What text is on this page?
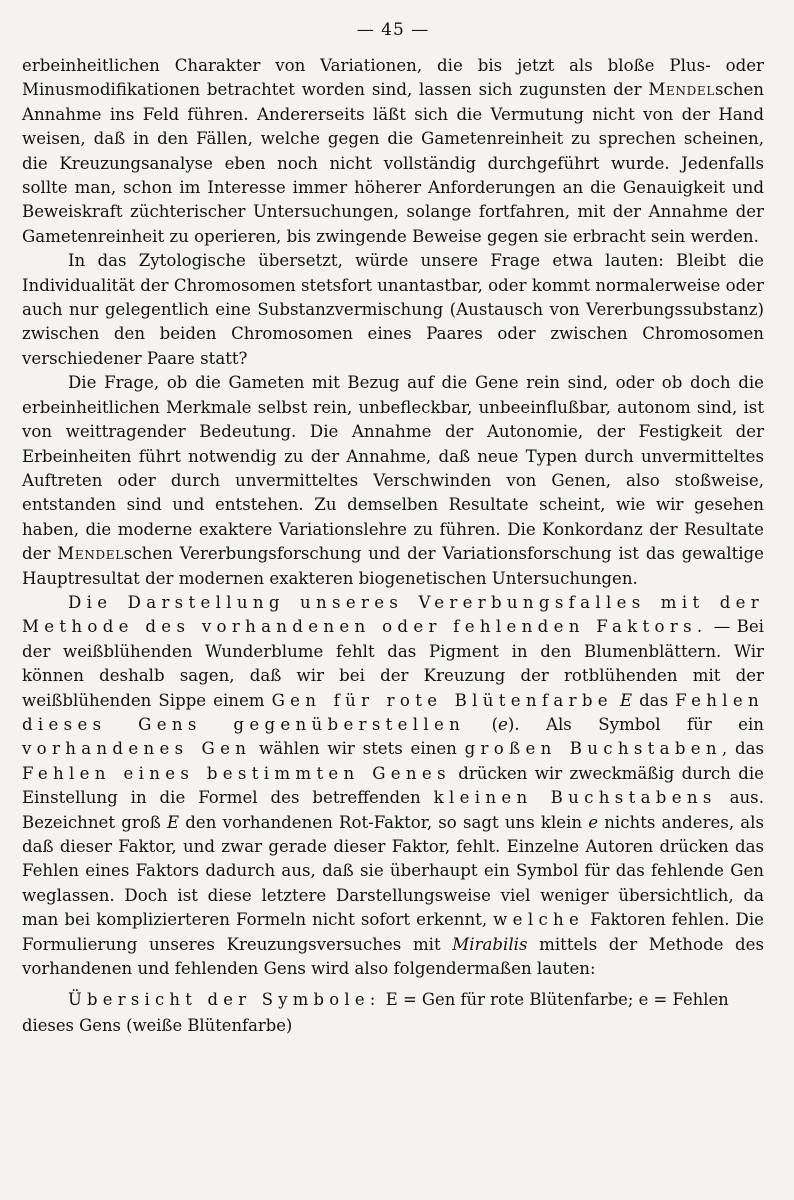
— 45 —

erbeinheitlichen Charakter von Variationen, die bis jetzt als bloße Plus- oder Minusmodifikationen betrachtet worden sind, lassen sich zugunsten der Mendelschen Annahme ins Feld führen. Andererseits läßt sich die Vermutung nicht von der Hand weisen, daß in den Fällen, welche gegen die Gametenreinheit zu sprechen scheinen, die Kreuzungsanalyse eben noch nicht vollständig durchgeführt wurde. Jedenfalls sollte man, schon im Interesse immer höherer Anforderungen an die Genauigkeit und Beweiskraft züchterischer Untersuchungen, solange fortfahren, mit der Annahme der Gametenreinheit zu operieren, bis zwingende Beweise gegen sie erbracht sein werden.

In das Zytologische übersetzt, würde unsere Frage etwa lauten: Bleibt die Individualität der Chromosomen stetsfort unantastbar, oder kommt normalerweise oder auch nur gelegentlich eine Substanzvermischung (Austausch von Vererbungssubstanz) zwischen den beiden Chromosomen eines Paares oder zwischen Chromosomen verschiedener Paare statt?

Die Frage, ob die Gameten mit Bezug auf die Gene rein sind, oder ob doch die erbeinheitlichen Merkmale selbst rein, unbefleckbar, unbeeinflußbar, autonom sind, ist von weittragender Bedeutung. Die Annahme der Autonomie, der Festigkeit der Erbeinheiten führt notwendig zu der Annahme, daß neue Typen durch unvermitteltes Auftreten oder durch unvermitteltes Verschwinden von Genen, also stoßweise, entstanden sind und entstehen. Zu demselben Resultate scheint, wie wir gesehen haben, die moderne exaktere Variationslehre zu führen. Die Konkordanz der Resultate der Mendelschen Vererbungsforschung und der Variationsforschung ist das gewaltige Hauptresultat der modernen exakteren biogenetischen Untersuchungen.

Die Darstellung unseres Vererbungsfalles mit der Methode des vorhandenen oder fehlenden Faktors. — Bei der weißblühenden Wunderblume fehlt das Pigment in den Blumenblättern. Wir können deshalb sagen, daß wir bei der Kreuzung der rotblühenden mit der weißblühenden Sippe einem Gen für rote Blütenfarbe E das Fehlen dieses Gens gegenüberstellen (e). Als Symbol für ein vorhandenes Gen wählen wir stets einen großen Buchstaben, das Fehlen eines bestimmten Genes drücken wir zweckmäßig durch die Einstellung in die Formel des betreffenden kleinen Buchstabens aus. Bezeichnet groß E den vorhandenen Rot-Faktor, so sagt uns klein e nichts anderes, als daß dieser Faktor, und zwar gerade dieser Faktor, fehlt. Einzelne Autoren drücken das Fehlen eines Faktors dadurch aus, daß sie überhaupt ein Symbol für das fehlende Gen weglassen. Doch ist diese letztere Darstellungsweise viel weniger übersichtlich, da man bei komplizierteren Formeln nicht sofort erkennt, welche Faktoren fehlen. Die Formulierung unseres Kreuzungsversuches mit Mirabilis mittels der Methode des vorhandenen und fehlenden Gens wird also folgendermaßen lauten:

Übersicht der Symbole: E = Gen für rote Blütenfarbe; e = Fehlen dieses Gens (weiße Blütenfarbe)
